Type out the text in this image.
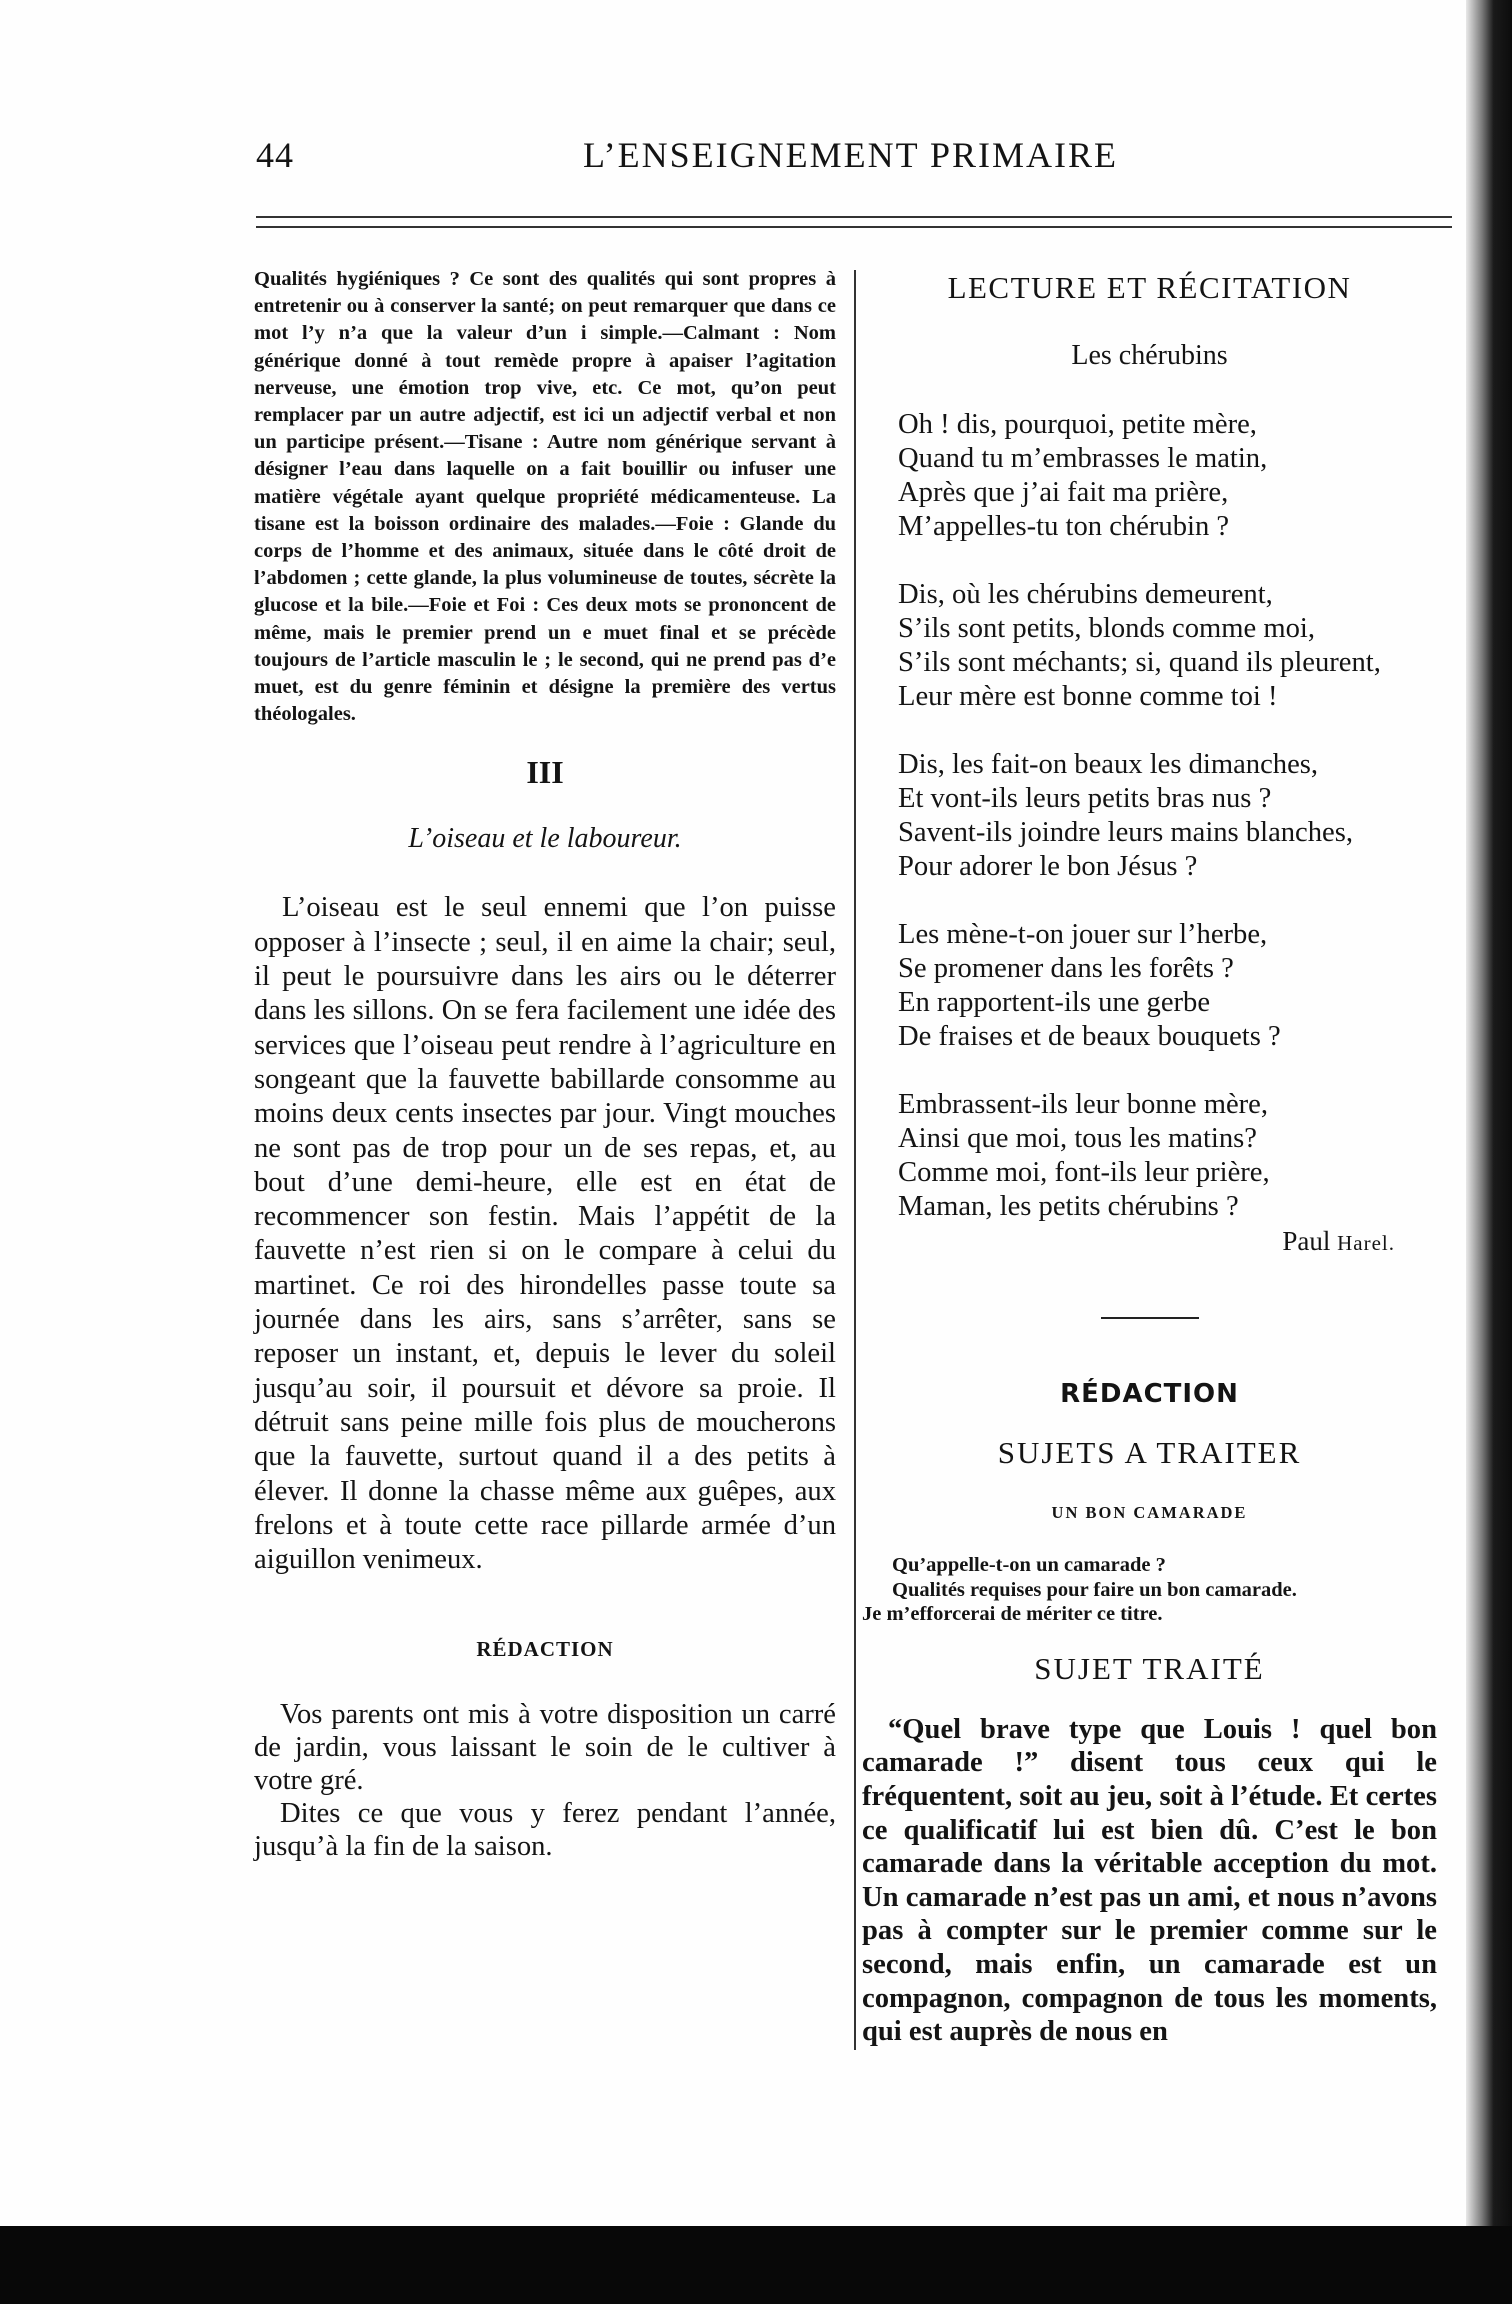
44	L’ENSEIGNEMENT PRIMAIRE

Qualités hygiéniques ? Ce sont des qualités qui sont propres à entretenir ou à conserver la santé; on peut remarquer que dans ce mot l’y n’a que la valeur d’un i simple.—Calmant : Nom générique donné à tout remède propre à apaiser l’agitation nerveuse, une émotion trop vive, etc. Ce mot, qu’on peut remplacer par un autre adjectif, est ici un adjectif verbal et non un participe présent.—Tisane : Autre nom générique servant à désigner l’eau dans laquelle on a fait bouillir ou infuser une matière végétale ayant quelque propriété médicamenteuse. La tisane est la boisson ordinaire des malades.—Foie : Glande du corps de l’homme et des animaux, située dans le côté droit de l’abdomen ; cette glande, la plus volumineuse de toutes, sécrète la glucose et la bile.—Foie et Foi : Ces deux mots se prononcent de même, mais le premier prend un e muet final et se précède toujours de l’article masculin le ; le second, qui ne prend pas d’e muet, est du genre féminin et désigne la première des vertus théologales.

III
L’oiseau et le laboureur.

L’oiseau est le seul ennemi que l’on puisse opposer à l’insecte ; seul, il en aime la chair; seul, il peut le poursuivre dans les airs ou le déterrer dans les sillons. On se fera facilement une idée des services que l’oiseau peut rendre à l’agriculture en songeant que la fauvette babillarde consomme au moins deux cents insectes par jour. Vingt mouches ne sont pas de trop pour un de ses repas, et, au bout d’une demi-heure, elle est en état de recommencer son festin. Mais l’appétit de la fauvette n’est rien si on le compare à celui du martinet. Ce roi des hirondelles passe toute sa journée dans les airs, sans s’arrêter, sans se reposer un instant, et, depuis le lever du soleil jusqu’au soir, il poursuit et dévore sa proie. Il détruit sans peine mille fois plus de moucherons que la fauvette, surtout quand il a des petits à élever. Il donne la chasse même aux guêpes, aux frelons et à toute cette race pillarde armée d’un aiguillon venimeux.

RÉDACTION

Vos parents ont mis à votre disposition un carré de jardin, vous laissant le soin de le cultiver à votre gré.

Dites ce que vous y ferez pendant l’année, jusqu’à la fin de la saison.

LECTURE ET RÉCITATION
Les chérubins
Oh ! dis, pourquoi, petite mère,
Quand tu m’embrasses le matin,
Après que j’ai fait ma prière,
M’appelles-tu ton chérubin ?
Dis, où les chérubins demeurent,
S’ils sont petits, blonds comme moi,
S’ils sont méchants; si, quand ils pleurent,
Leur mère est bonne comme toi !
Dis, les fait-on beaux les dimanches,
Et vont-ils leurs petits bras nus ?
Savent-ils joindre leurs mains blanches,
Pour adorer le bon Jésus ?
Les mène-t-on jouer sur l’herbe,
Se promener dans les forêts ?
En rapportent-ils une gerbe
De fraises et de beaux bouquets ?
Embrassent-ils leur bonne mère,
Ainsi que moi, tous les matins?
Comme moi, font-ils leur prière,
Maman, les petits chérubins ?
Paul Harel.
RÉDACTION
SUJETS A TRAITER
UN BON CAMARADE
Qu’appelle-t-on un camarade ?
Qualités requises pour faire un bon camarade.
Je m’efforcerai de mériter ce titre.
SUJET TRAITÉ

“Quel brave type que Louis ! quel bon camarade !” disent tous ceux qui le fréquentent, soit au jeu, soit à l’étude. Et certes ce qualificatif lui est bien dû. C’est le bon camarade dans la véritable acception du mot. Un camarade n’est pas un ami, et nous n’avons pas à compter sur le premier comme sur le second, mais enfin, un camarade est un compagnon, compagnon de tous les moments, qui est auprès de nous en
